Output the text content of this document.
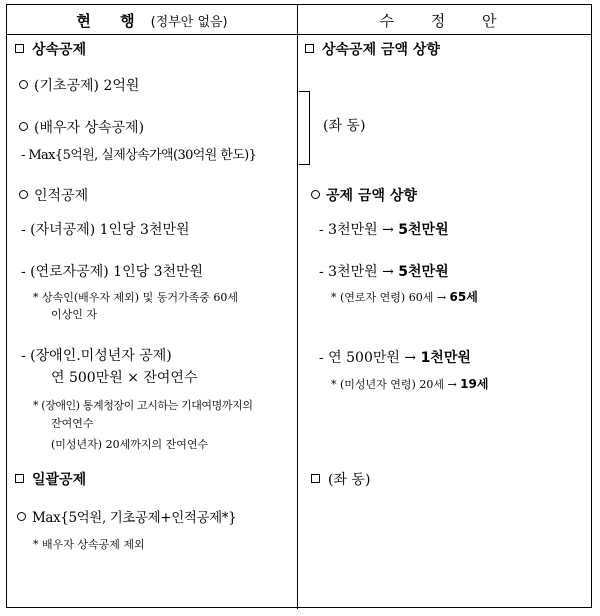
현 행 (정부안 없음)	수 정 안
상속공제
(기초공제) 2억원
(배우자 상속공제)
- Max{5억원, 실제상속가액(30억원 한도)}
인적공제
- (자녀공제) 1인당 3천만원
- (연로자공제) 1인당 3천만원
* 상속인(배우자 제외) 및 동거가족중 60세
이상인 자
- (장애인.미성년자 공제)
연 500만원 × 잔여연수
* (장애인) 통계청장이 고시하는 기대여명까지의
잔여연수
(미성년자) 20세까지의 잔여연수
일괄공제
Max{5억원, 기초공제+인적공제*}
* 배우자 상속공제 제외
상속공제 금액 상향
(좌 동)
공제 금액 상향
- 3천만원 → 5천만원
- 3천만원 → 5천만원
* (연로자 연령) 60세 → 65세
- 연 500만원 → 1천만원
* (미성년자 연령) 20세 → 19세
(좌 동)
